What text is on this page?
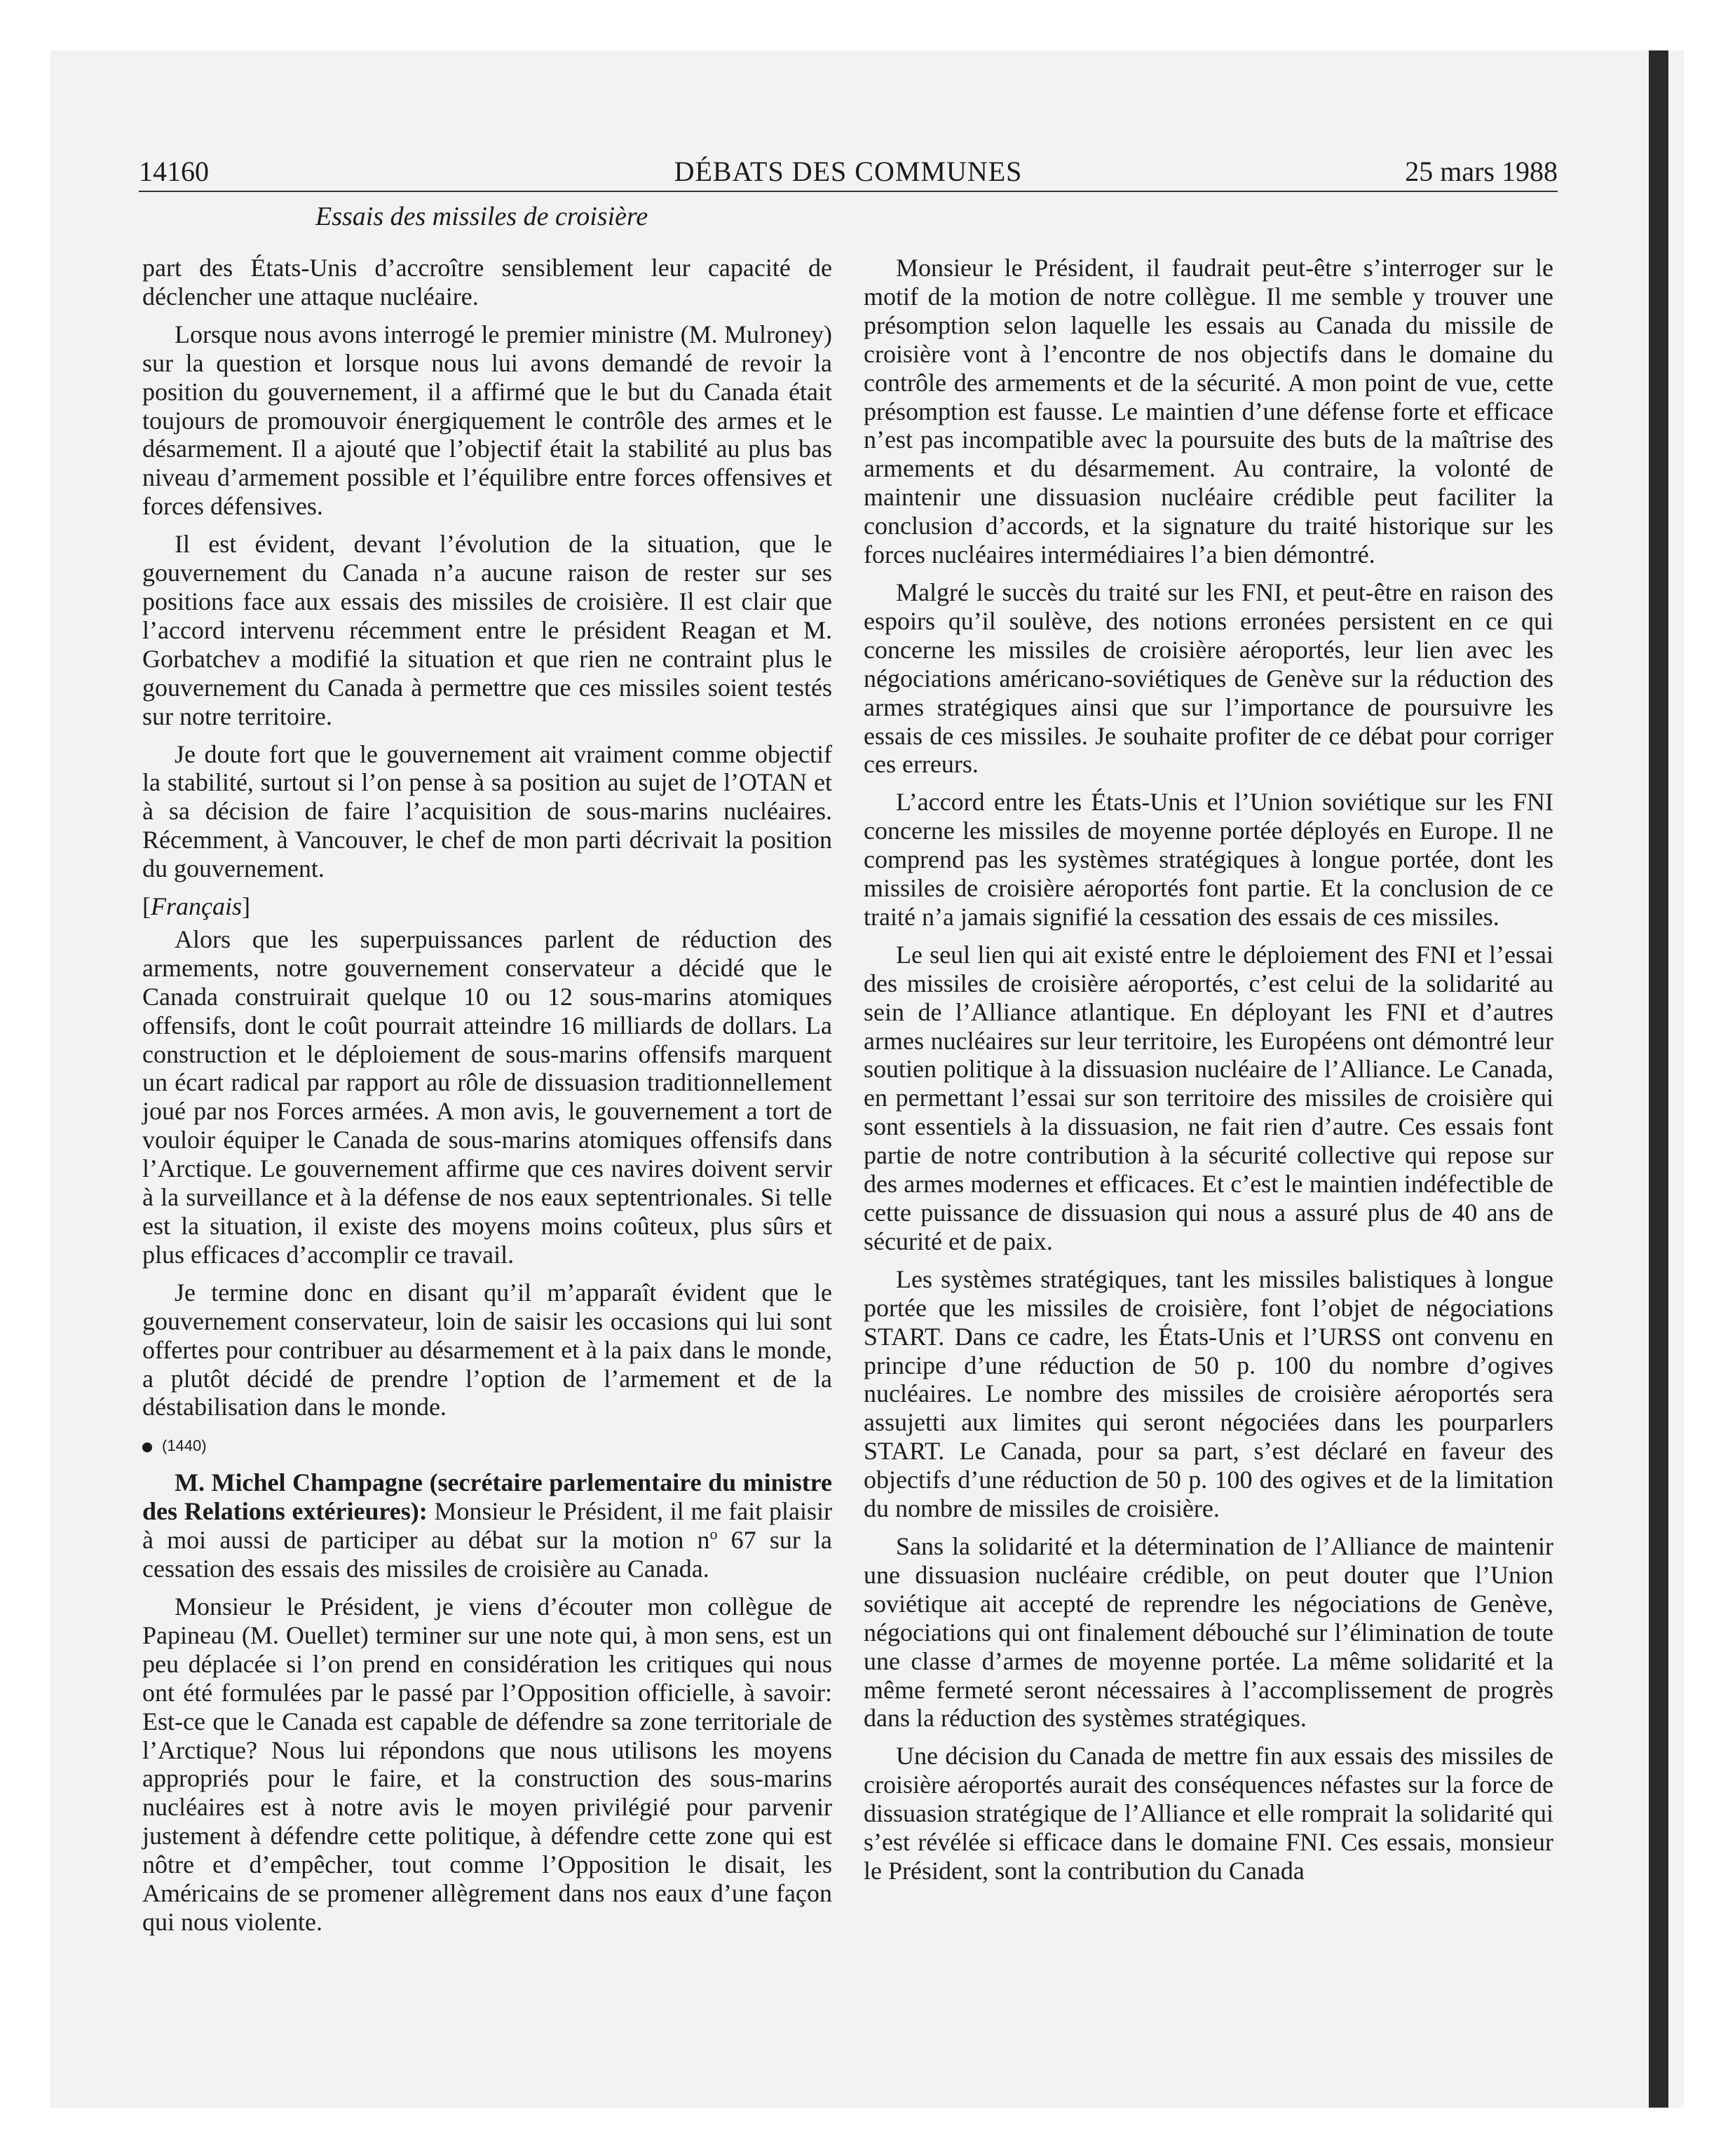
14160	DÉBATS DES COMMUNES	25 mars 1988
Essais des missiles de croisière

part des États-Unis d’accroître sensiblement leur capacité de déclencher une attaque nucléaire.

Lorsque nous avons interrogé le premier ministre (M. Mulroney) sur la question et lorsque nous lui avons demandé de revoir la position du gouvernement, il a affirmé que le but du Canada était toujours de promouvoir énergiquement le contrôle des armes et le désarmement. Il a ajouté que l’objectif était la stabilité au plus bas niveau d’armement possible et l’équilibre entre forces offensives et forces défensives.

Il est évident, devant l’évolution de la situation, que le gouvernement du Canada n’a aucune raison de rester sur ses positions face aux essais des missiles de croisière. Il est clair que l’accord intervenu récemment entre le président Reagan et M. Gorbatchev a modifié la situation et que rien ne contraint plus le gouvernement du Canada à permettre que ces missiles soient testés sur notre territoire.

Je doute fort que le gouvernement ait vraiment comme objectif la stabilité, surtout si l’on pense à sa position au sujet de l’OTAN et à sa décision de faire l’acquisition de sous-marins nucléaires. Récemment, à Vancouver, le chef de mon parti décrivait la position du gouvernement.

[Français]

Alors que les superpuissances parlent de réduction des armements, notre gouvernement conservateur a décidé que le Canada construirait quelque 10 ou 12 sous-marins atomiques offensifs, dont le coût pourrait atteindre 16 milliards de dollars. La construction et le déploiement de sous-marins offensifs marquent un écart radical par rapport au rôle de dissuasion traditionnellement joué par nos Forces armées. A mon avis, le gouvernement a tort de vouloir équiper le Canada de sous-marins atomiques offensifs dans l’Arctique. Le gouvernement affirme que ces navires doivent servir à la surveillance et à la défense de nos eaux septentrionales. Si telle est la situation, il existe des moyens moins coûteux, plus sûrs et plus efficaces d’accomplir ce travail.

Je termine donc en disant qu’il m’apparaît évident que le gouvernement conservateur, loin de saisir les occasions qui lui sont offertes pour contribuer au désarmement et à la paix dans le monde, a plutôt décidé de prendre l’option de l’armement et de la déstabilisation dans le monde.

(1440)

M. Michel Champagne (secrétaire parlementaire du ministre des Relations extérieures): Monsieur le Président, il me fait plaisir à moi aussi de participer au débat sur la motion $n^o$ 67 sur la cessation des essais des missiles de croisière au Canada.

Monsieur le Président, je viens d’écouter mon collègue de Papineau (M. Ouellet) terminer sur une note qui, à mon sens, est un peu déplacée si l’on prend en considération les critiques qui nous ont été formulées par le passé par l’Opposition officielle, à savoir: Est-ce que le Canada est capable de défendre sa zone territoriale de l’Arctique? Nous lui répondons que nous utilisons les moyens appropriés pour le faire, et la construction des sous-marins nucléaires est à notre avis le moyen privilégié pour parvenir justement à défendre cette politique, à défendre cette zone qui est nôtre et d’empêcher, tout comme l’Opposition le disait, les Américains de se promener allègrement dans nos eaux d’une façon qui nous violente.

Monsieur le Président, il faudrait peut-être s’interroger sur le motif de la motion de notre collègue. Il me semble y trouver une présomption selon laquelle les essais au Canada du missile de croisière vont à l’encontre de nos objectifs dans le domaine du contrôle des armements et de la sécurité. A mon point de vue, cette présomption est fausse. Le maintien d’une défense forte et efficace n’est pas incompatible avec la poursuite des buts de la maîtrise des armements et du désarmement. Au contraire, la volonté de maintenir une dissuasion nucléaire crédible peut faciliter la conclusion d’accords, et la signature du traité historique sur les forces nucléaires intermédiaires l’a bien démontré.

Malgré le succès du traité sur les FNI, et peut-être en raison des espoirs qu’il soulève, des notions erronées persistent en ce qui concerne les missiles de croisière aéroportés, leur lien avec les négociations américano-soviétiques de Genève sur la réduction des armes stratégiques ainsi que sur l’importance de poursuivre les essais de ces missiles. Je souhaite profiter de ce débat pour corriger ces erreurs.

L’accord entre les États-Unis et l’Union soviétique sur les FNI concerne les missiles de moyenne portée déployés en Europe. Il ne comprend pas les systèmes stratégiques à longue portée, dont les missiles de croisière aéroportés font partie. Et la conclusion de ce traité n’a jamais signifié la cessation des essais de ces missiles.

Le seul lien qui ait existé entre le déploiement des FNI et l’essai des missiles de croisière aéroportés, c’est celui de la solidarité au sein de l’Alliance atlantique. En déployant les FNI et d’autres armes nucléaires sur leur territoire, les Européens ont démontré leur soutien politique à la dissuasion nucléaire de l’Alliance. Le Canada, en permettant l’essai sur son territoire des missiles de croisière qui sont essentiels à la dissuasion, ne fait rien d’autre. Ces essais font partie de notre contribution à la sécurité collective qui repose sur des armes modernes et efficaces. Et c’est le maintien indéfectible de cette puissance de dissuasion qui nous a assuré plus de 40 ans de sécurité et de paix.

Les systèmes stratégiques, tant les missiles balistiques à longue portée que les missiles de croisière, font l’objet de négociations START. Dans ce cadre, les États-Unis et l’URSS ont convenu en principe d’une réduction de 50 p. 100 du nombre d’ogives nucléaires. Le nombre des missiles de croisière aéroportés sera assujetti aux limites qui seront négociées dans les pourparlers START. Le Canada, pour sa part, s’est déclaré en faveur des objectifs d’une réduction de 50 p. 100 des ogives et de la limitation du nombre de missiles de croisière.

Sans la solidarité et la détermination de l’Alliance de maintenir une dissuasion nucléaire crédible, on peut douter que l’Union soviétique ait accepté de reprendre les négociations de Genève, négociations qui ont finalement débouché sur l’élimination de toute une classe d’armes de moyenne portée. La même solidarité et la même fermeté seront nécessaires à l’accomplissement de progrès dans la réduction des systèmes stratégiques.

Une décision du Canada de mettre fin aux essais des missiles de croisière aéroportés aurait des conséquences néfastes sur la force de dissuasion stratégique de l’Alliance et elle romprait la solidarité qui s’est révélée si efficace dans le domaine FNI. Ces essais, monsieur le Président, sont la contribution du Canada
